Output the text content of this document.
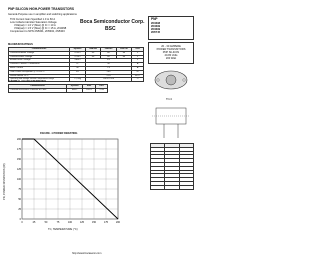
PNP SILICON HIGH-POWER TRANSISTORS
General-Purpose use in amplifier and switching applications
TO3 Current Gain Specified 1.0 to 60 A
Low Collector-Emitter Saturation Voltage
VCE(sat) = 1.0 V (Max) @ IC = 10 A
VCE(sat) = 1.5 V (Max) @ IC = 15 A, 2N4398
Complement to NPN 2N5301, 2N5302, 2N5303
Boca Semiconductor Corp.
BSC
PNP
2N4398
2N4399
2N4399
2N5745
20 - 30 AMPERE
POWER TRANSISTORS
PNP SILICON
40-80 Volts
200 Watt
TO-3
MAXIMUM RATINGS
Characteristic	Symbol	2N4398	2N4399	2N5745	Unit
Collector-Emitter Voltage	VCEO	40	60	80	V
Collector-Base Voltage	VCBO	40	60	80	V
Emitter-Base Voltage	VEBO	5.0			V
Collector Current - Continuous	IC	30			A
Base Current	IB	7.5			A
Total Power Dissipation @TC=25°C	PD	200			W
Derate above 25°C		1.14			W/°C
Operating and Storage Junction Temperature Range	TJ,Tstg	-65 to +200			°C
THERMAL CHARACTERISTICS
Characteristic	Symbol	Max	Unit
Thermal Resistance Junction to Case	RθJC	0.875	°C/W
FIGURE -1 POWER DERATING
0	25	50	75	100	125	150	175	200
0
25
50
75
100
125
150
175
200
TC, TEMPERATURE (°C)
PD, POWER DISSIPATION (W)

http://www.bocasemi.com
